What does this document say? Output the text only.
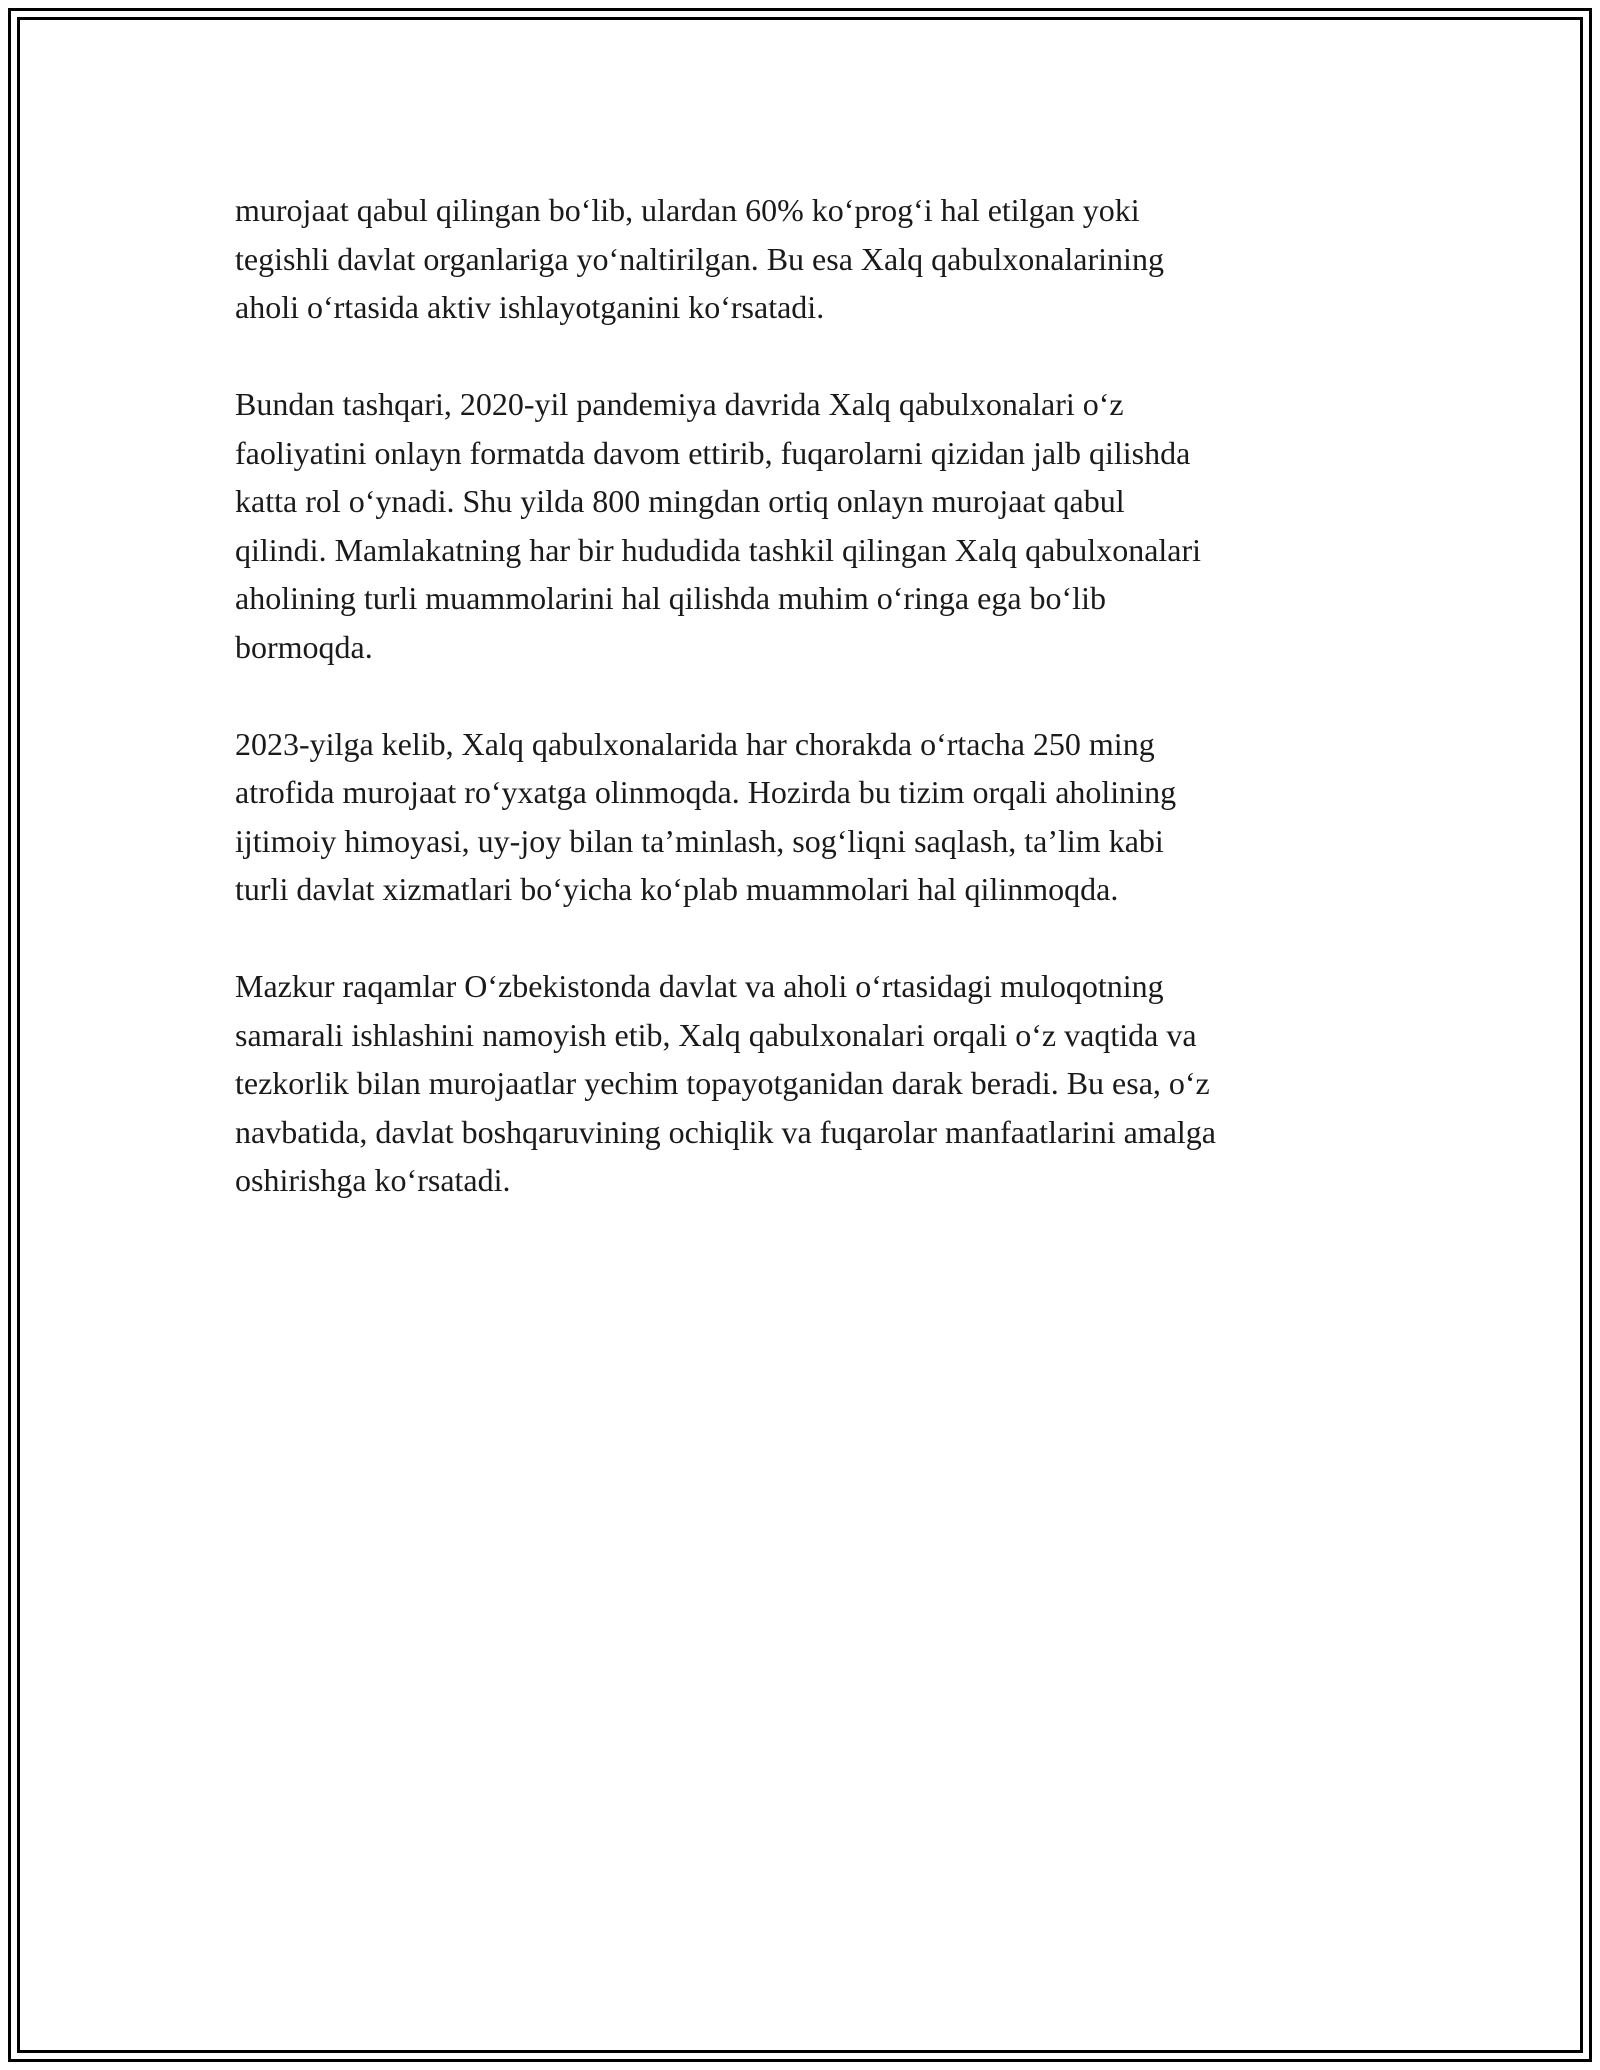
murojaat qabul qilingan bo‘lib, ulardan 60% ko‘prog‘i hal etilgan yoki
tegishli davlat organlariga yo‘naltirilgan. Bu esa Xalq qabulxonalarining
aholi o‘rtasida aktiv ishlayotganini ko‘rsatadi.

Bundan tashqari, 2020-yil pandemiya davrida Xalq qabulxonalari o‘z
faoliyatini onlayn formatda davom ettirib, fuqarolarni qizidan jalb qilishda
katta rol o‘ynadi. Shu yilda 800 mingdan ortiq onlayn murojaat qabul
qilindi. Mamlakatning har bir hududida tashkil qilingan Xalq qabulxonalari
aholining turli muammolarini hal qilishda muhim o‘ringa ega bo‘lib
bormoqda.

2023-yilga kelib, Xalq qabulxonalarida har chorakda o‘rtacha 250 ming
atrofida murojaat ro‘yxatga olinmoqda. Hozirda bu tizim orqali aholining
ijtimoiy himoyasi, uy-joy bilan ta’minlash, sog‘liqni saqlash, ta’lim kabi
turli davlat xizmatlari bo‘yicha ko‘plab muammolari hal qilinmoqda.

Mazkur raqamlar O‘zbekistonda davlat va aholi o‘rtasidagi muloqotning
samarali ishlashini namoyish etib, Xalq qabulxonalari orqali o‘z vaqtida va
tezkorlik bilan murojaatlar yechim topayotganidan darak beradi. Bu esa, o‘z
navbatida, davlat boshqaruvining ochiqlik va fuqarolar manfaatlarini amalga
oshirishga ko‘rsatadi.
